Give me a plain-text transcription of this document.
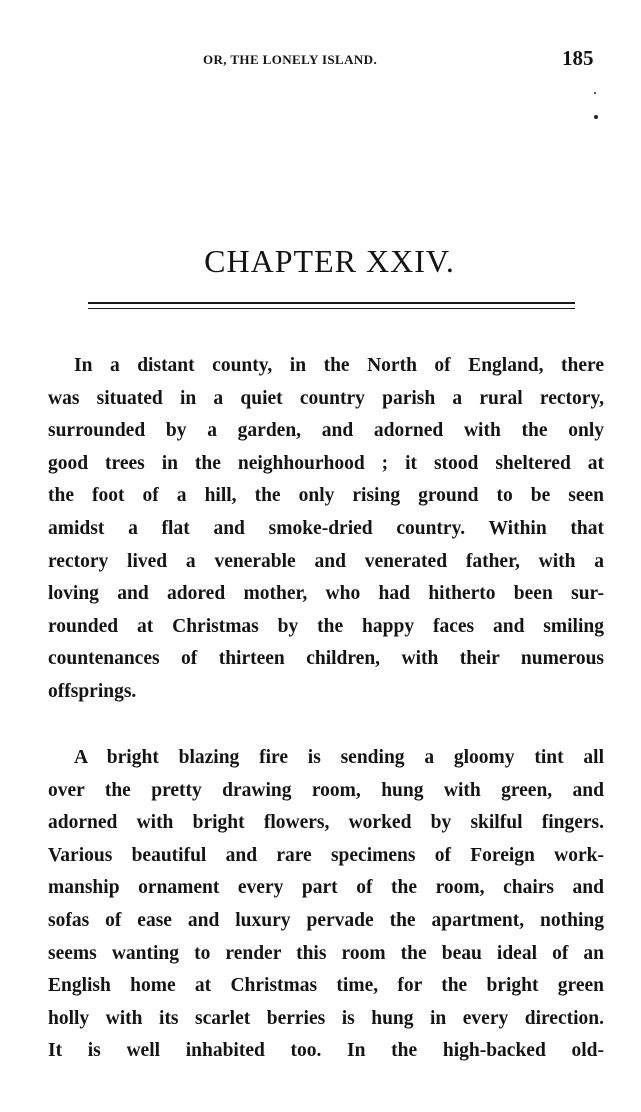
OR, THE LONELY ISLAND.	185
CHAPTER XXIV.
In a distant county, in the North of England, there
was situated in a quiet country parish a rural rectory,
surrounded by a garden, and adorned with the only
good trees in the neighhourhood ; it stood sheltered at
the foot of a hill, the only rising ground to be seen
amidst a flat and smoke-dried country. Within that
rectory lived a venerable and venerated father, with a
loving and adored mother, who had hitherto been sur-
rounded at Christmas by the happy faces and smiling
countenances of thirteen children, with their numerous
offsprings.
A bright blazing fire is sending a gloomy tint all
over the pretty drawing room, hung with green, and
adorned with bright flowers, worked by skilful fingers.
Various beautiful and rare specimens of Foreign work-
manship ornament every part of the room, chairs and
sofas of ease and luxury pervade the apartment, nothing
seems wanting to render this room the beau ideal of an
English home at Christmas time, for the bright green
holly with its scarlet berries is hung in every direction.
It is well inhabited too. In the high-backed old-
